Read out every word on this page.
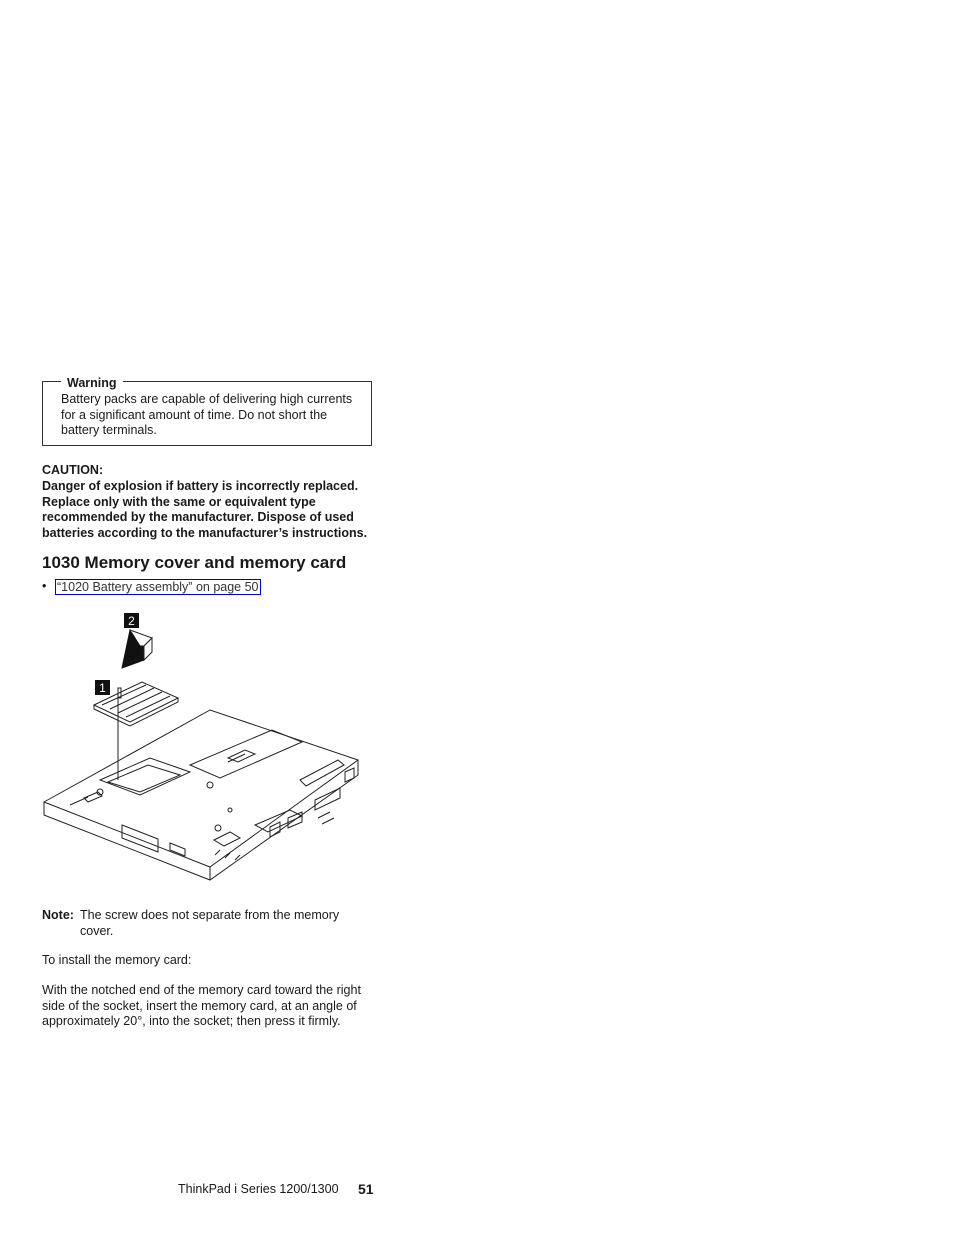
Warning
Battery packs are capable of delivering high currents for a significant amount of time. Do not short the battery terminals.
CAUTION:
Danger of explosion if battery is incorrectly replaced. Replace only with the same or equivalent type recommended by the manufacturer. Dispose of used batteries according to the manufacturer’s instructions.
1030 Memory cover and memory card
• “1020 Battery assembly” on page 50
2
1
Note: The screw does not separate from the memory cover.
To install the memory card:
With the notched end of the memory card toward the right side of the socket, insert the memory card, at an angle of approximately 20°, into the socket; then press it firmly.
ThinkPad i Series 1200/1300 51
